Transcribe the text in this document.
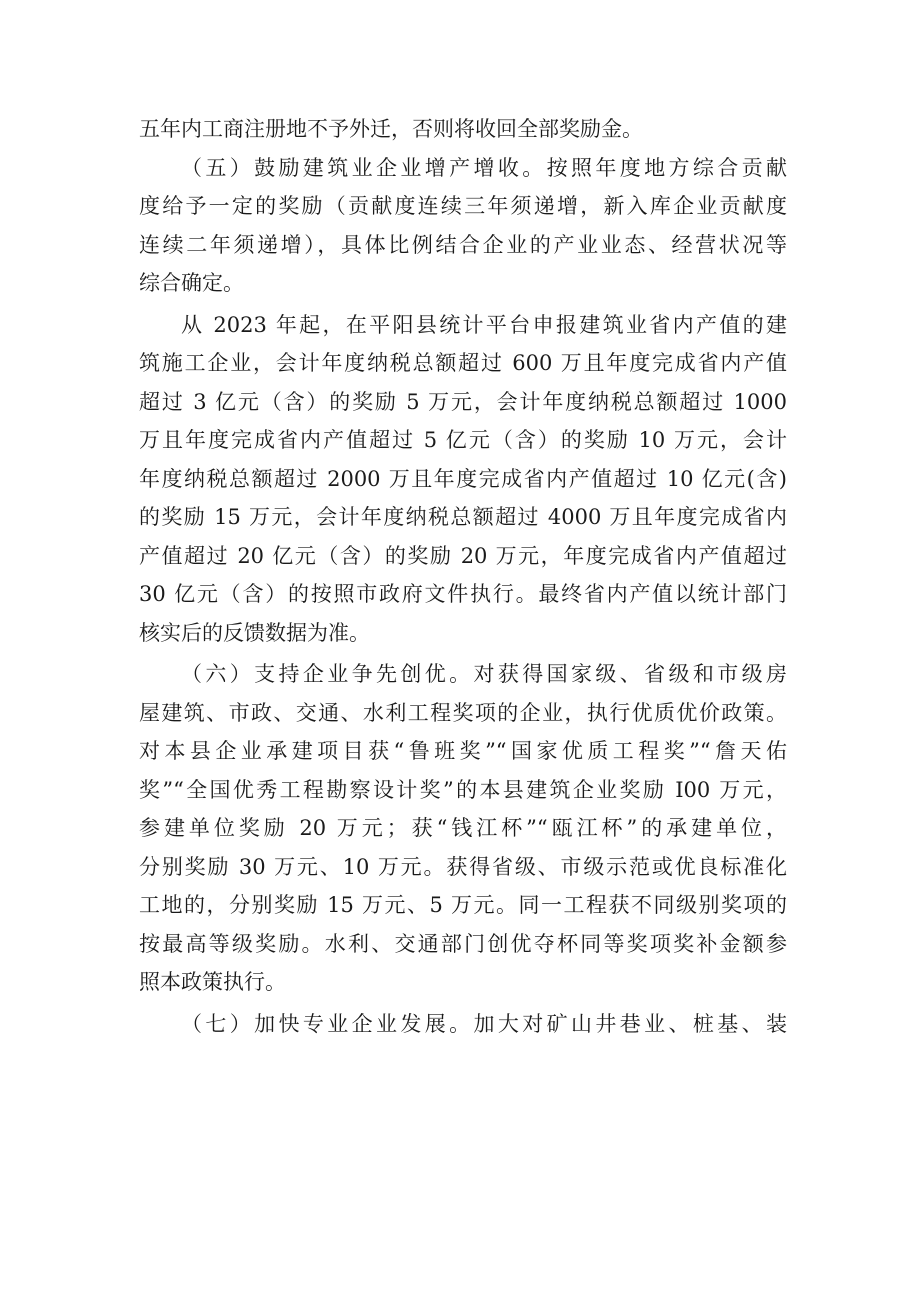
五年内工商注册地不予外迁，否则将收回全部奖励金。
（五）鼓励建筑业企业增产增收。按照年度地方综合贡献
度给予一定的奖励（贡献度连续三年须递增，新入库企业贡献度
连续二年须递增），具体比例结合企业的产业业态、经营状况等
综合确定。
从 2023 年起，在平阳县统计平台申报建筑业省内产值的建
筑施工企业，会计年度纳税总额超过 600 万且年度完成省内产值
超过 3 亿元（含）的奖励 5 万元，会计年度纳税总额超过 1000
万且年度完成省内产值超过 5 亿元（含）的奖励 10 万元，会计
年度纳税总额超过 2000 万且年度完成省内产值超过 10 亿元(含)
的奖励 15 万元，会计年度纳税总额超过 4000 万且年度完成省内
产值超过 20 亿元（含）的奖励 20 万元，年度完成省内产值超过
30 亿元（含）的按照市政府文件执行。最终省内产值以统计部门
核实后的反馈数据为准。
（六）支持企业争先创优。对获得国家级、省级和市级房
屋建筑、市政、交通、水利工程奖项的企业，执行优质优价政策。
对本县企业承建项目获“鲁班奖”“国家优质工程奖”“詹天佑
奖”“全国优秀工程勘察设计奖”的本县建筑企业奖励 I00 万元，
参建单位奖励 20 万元；获“钱江杯”“瓯江杯”的承建单位，
分别奖励 30 万元、10 万元。获得省级、市级示范或优良标准化
工地的，分别奖励 15 万元、5 万元。同一工程获不同级别奖项的
按最高等级奖励。水利、交通部门创优夺杯同等奖项奖补金额参
照本政策执行。
（七）加快专业企业发展。加大对矿山井巷业、桩基、装
